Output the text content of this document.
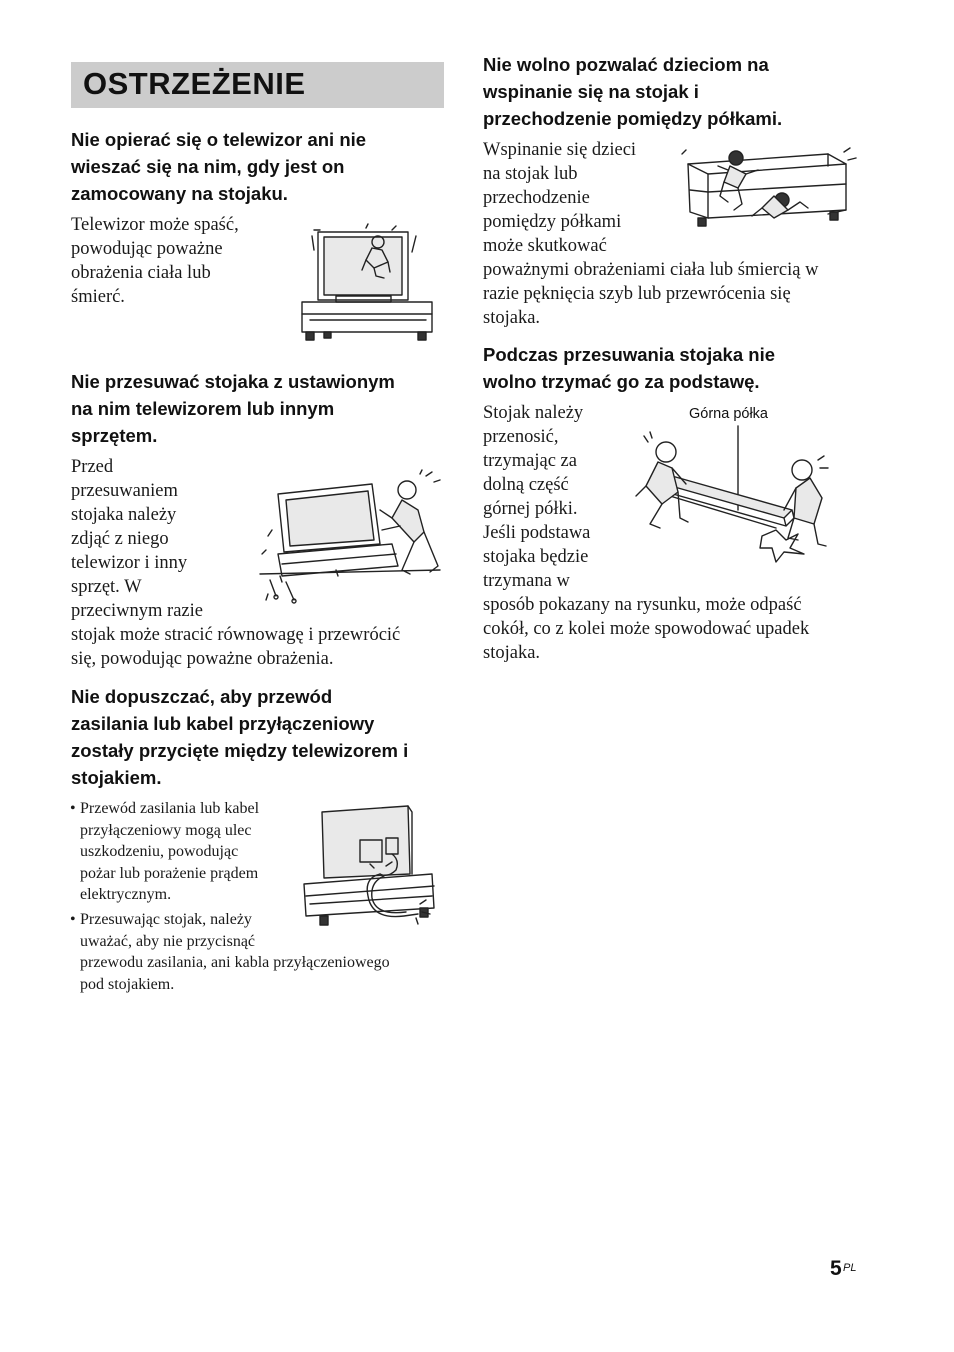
OSTRZEŻENIE
Nie opierać się o telewizor ani nie
wieszać się na nim, gdy jest on
zamocowany na stojaku.
Telewizor może spaść,
powodując poważne
obrażenia ciała lub
śmierć.
Nie przesuwać stojaka z ustawionym
na nim telewizorem lub innym
sprzętem.
Przed
przesuwaniem
stojaka należy
zdjąć z niego
telewizor i inny
sprzęt. W
przeciwnym razie
stojak może stracić równowagę i przewrócić
się, powodując poważne obrażenia.
Nie dopuszczać, aby przewód
zasilania lub kabel przyłączeniowy
zostały przycięte między telewizorem i
stojakiem.
• Przewód zasilania lub kabel
przyłączeniowy mogą ulec
uszkodzeniu, powodując
pożar lub porażenie prądem
elektrycznym.
• Przesuwając stojak, należy
uważać, aby nie przycisnąć
przewodu zasilania, ani kabla przyłączeniowego
pod stojakiem.
Nie wolno pozwalać dzieciom na
wspinanie się na stojak i
przechodzenie pomiędzy półkami.
Wspinanie się dzieci
na stojak lub
przechodzenie
pomiędzy półkami
może skutkować
poważnymi obrażeniami ciała lub śmiercią w
razie pęknięcia szyb lub przewrócenia się
stojaka.
Podczas przesuwania stojaka nie
wolno trzymać go za podstawę.
Górna półka
Stojak należy
przenosić,
trzymając za
dolną część
górnej półki.
Jeśli podstawa
stojaka będzie
trzymana w
sposób pokazany na rysunku, może odpaść
cokół, co z kolei może spowodować upadek
stojaka.
5 PL
